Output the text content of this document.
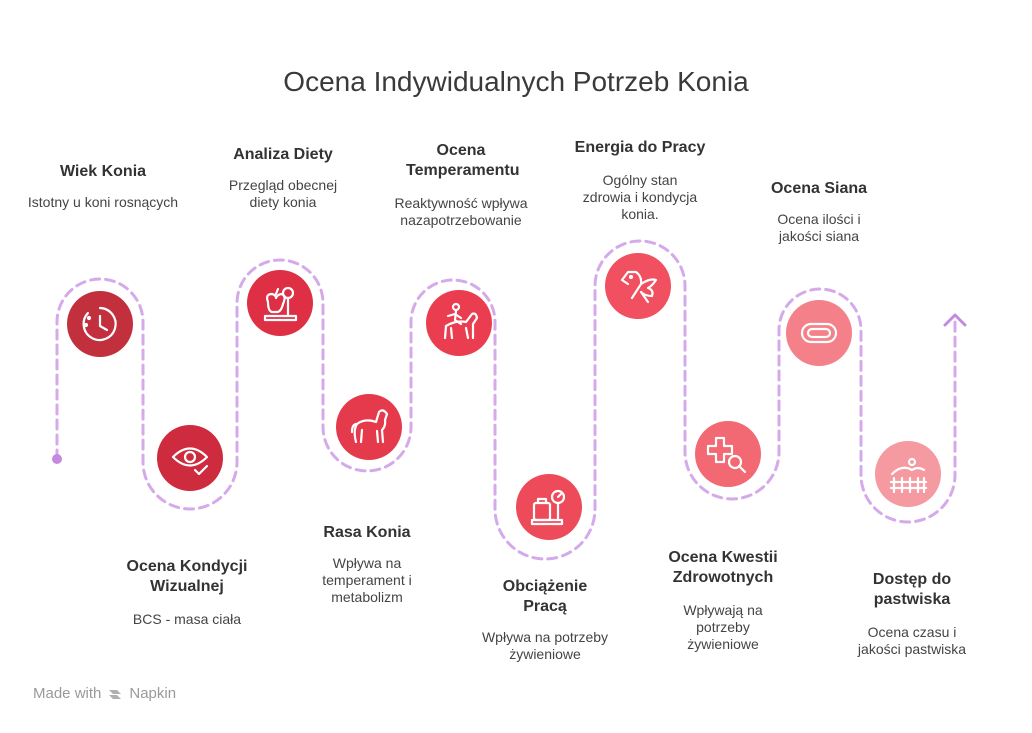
Ocena Indywidualnych Potrzeb Konia
Wiek Konia
Istotny u koni rosnących
Ocena Kondycji Wizualnej
BCS - masa ciała
Analiza Diety
Przegląd obecnej diety konia
Rasa Konia
Wpływa na temperament i metabolizm
Ocena Temperamentu
Reaktywność wpływa nazapotrzebowanie
Obciążenie Pracą
Wpływa na potrzeby żywieniowe
Energia do Pracy
Ogólny stan zdrowia i kondycja konia.
Ocena Kwestii Zdrowotnych
Wpływają na potrzeby żywieniowe
Ocena Siana
Ocena ilości i jakości siana
Dostęp do pastwiska
Ocena czasu i jakości pastwiska
Made with Napkin
